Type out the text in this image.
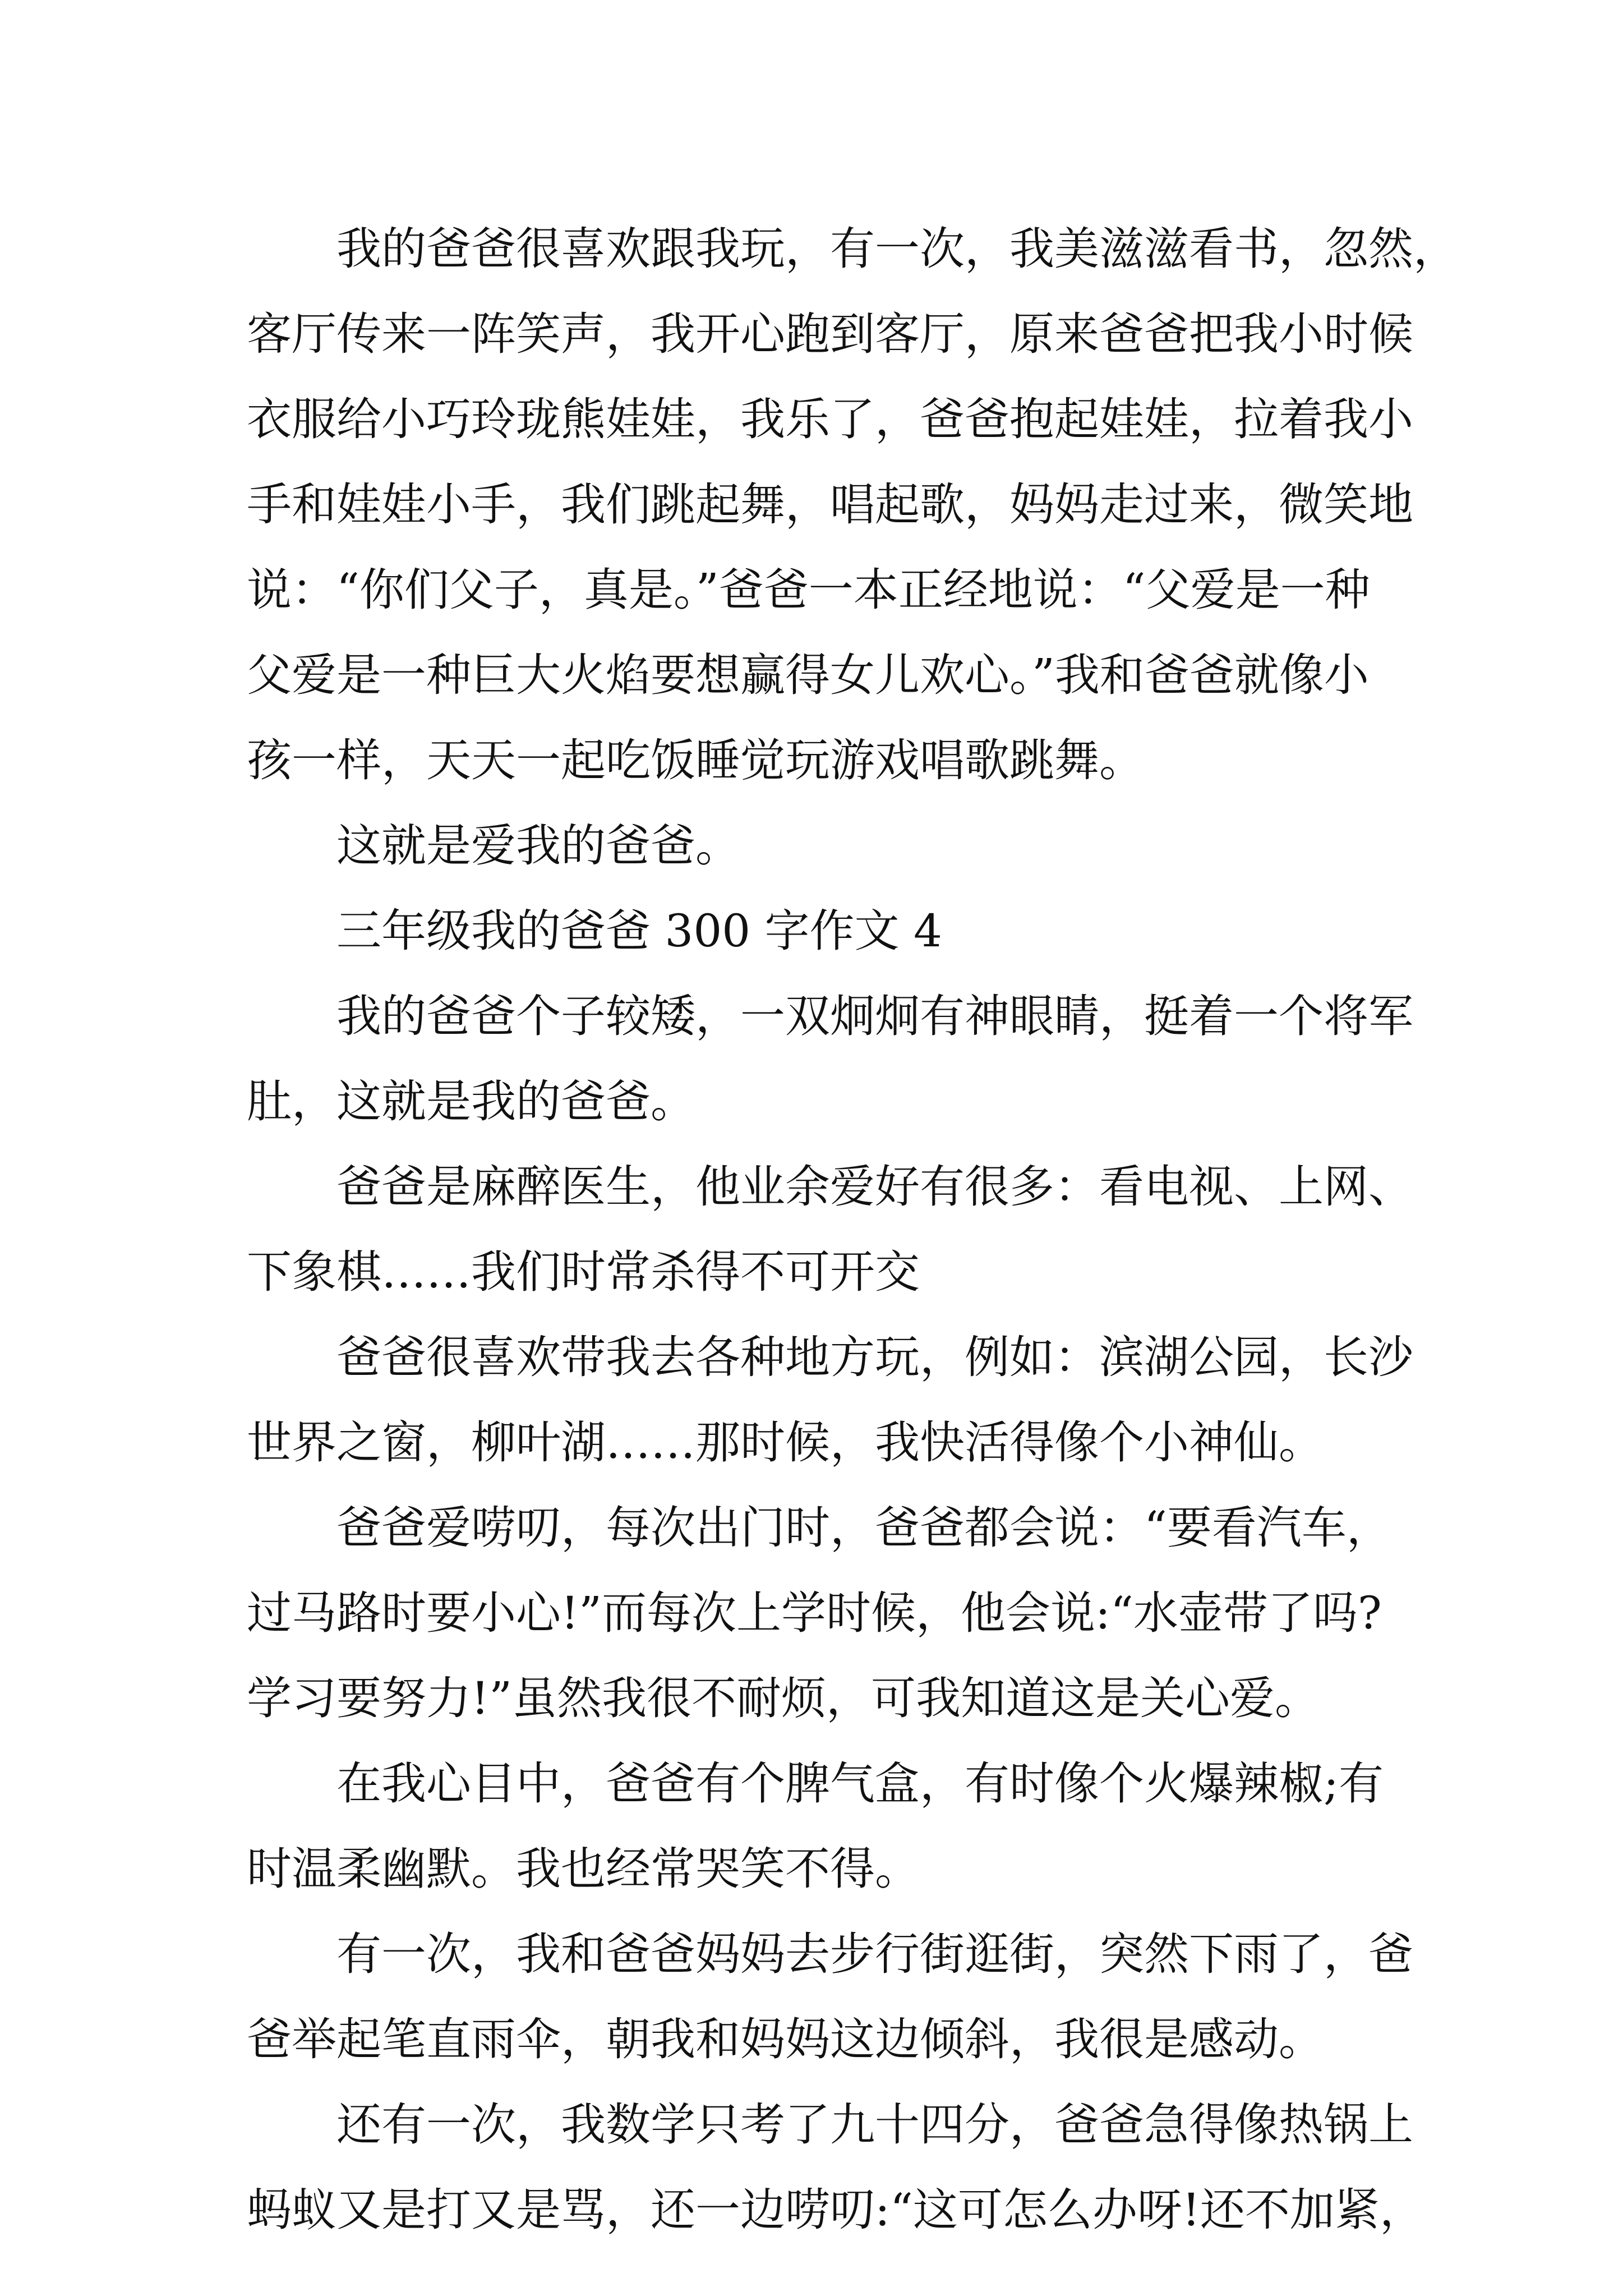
我的爸爸很喜欢跟我玩，有一次，我美滋滋看书，忽然，
客厅传来一阵笑声，我开心跑到客厅，原来爸爸把我小时候
衣服给小巧玲珑熊娃娃，我乐了，爸爸抱起娃娃，拉着我小
手和娃娃小手，我们跳起舞，唱起歌，妈妈走过来，微笑地
说：“你们父子，真是。”爸爸一本正经地说：“父爱是一种
父爱是一种巨大火焰要想赢得女儿欢心。”我和爸爸就像小
孩一样，天天一起吃饭睡觉玩游戏唱歌跳舞。
这就是爱我的爸爸。
三年级我的爸爸 300 字作文 4
我的爸爸个子较矮，一双炯炯有神眼睛，挺着一个将军
肚，这就是我的爸爸。
爸爸是麻醉医生，他业余爱好有很多：看电视、上网、
下象棋……我们时常杀得不可开交
爸爸很喜欢带我去各种地方玩，例如：滨湖公园，长沙
世界之窗，柳叶湖……那时候，我快活得像个小神仙。
爸爸爱唠叨，每次出门时，爸爸都会说：“要看汽车，
过马路时要小心!”而每次上学时候，他会说:“水壶带了吗?
学习要努力!”虽然我很不耐烦，可我知道这是关心爱。
在我心目中，爸爸有个脾气盒，有时像个火爆辣椒;有
时温柔幽默。我也经常哭笑不得。
有一次，我和爸爸妈妈去步行街逛街，突然下雨了，爸
爸举起笔直雨伞，朝我和妈妈这边倾斜，我很是感动。
还有一次，我数学只考了九十四分，爸爸急得像热锅上
蚂蚁又是打又是骂，还一边唠叨:“这可怎么办呀!还不加紧，
